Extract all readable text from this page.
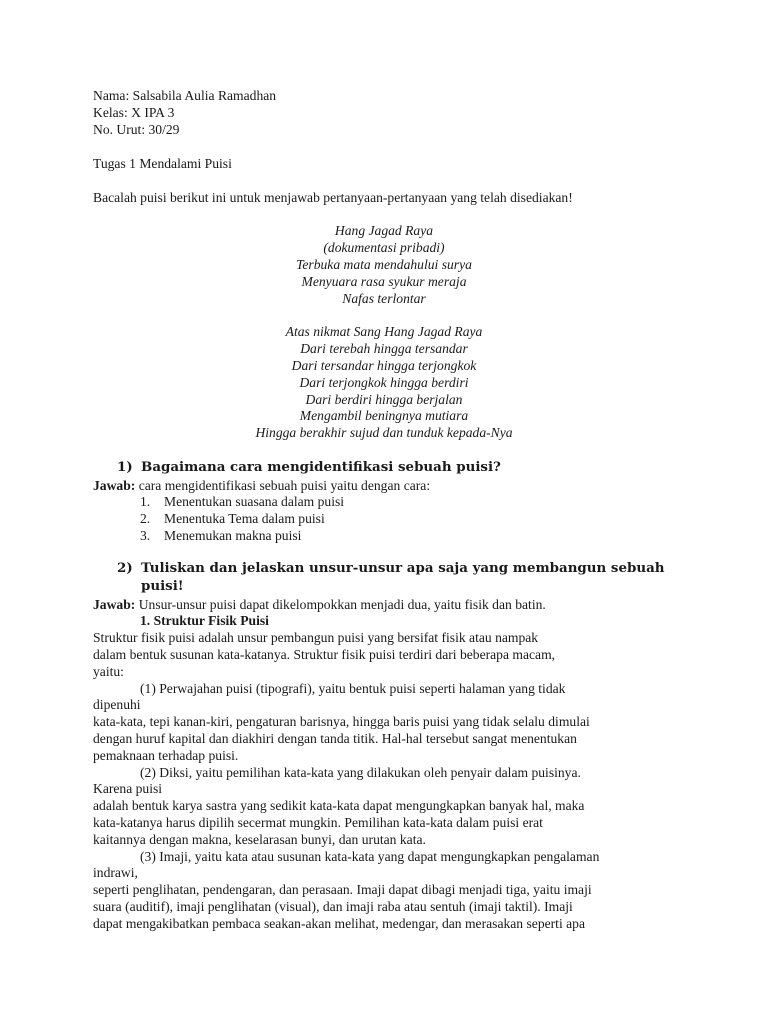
Nama: Salsabila Aulia Ramadhan
Kelas: X IPA 3
No. Urut: 30/29
Tugas 1 Mendalami Puisi
Bacalah puisi berikut ini untuk menjawab pertanyaan-pertanyaan yang telah disediakan!
Hang Jagad Raya
(dokumentasi pribadi)
Terbuka mata mendahului surya
Menyuara rasa syukur meraja
Nafas terlontar
Atas nikmat Sang Hang Jagad Raya
Dari terebah hingga tersandar
Dari tersandar hingga terjongkok
Dari terjongkok hingga berdiri
Dari berdiri hingga berjalan
Mengambil beningnya mutiara
Hingga berakhir sujud dan tunduk kepada-Nya
1) Bagaimana cara mengidentifikasi sebuah puisi?
Jawab: cara mengidentifikasi sebuah puisi yaitu dengan cara:
1. Menentukan suasana dalam puisi
2. Menentuka Tema dalam puisi
3. Menemukan makna puisi
2) Tuliskan dan jelaskan unsur-unsur apa saja yang membangun sebuah
puisi!
Jawab: Unsur-unsur puisi dapat dikelompokkan menjadi dua, yaitu fisik dan batin.
1. Struktur Fisik Puisi
Struktur fisik puisi adalah unsur pembangun puisi yang bersifat fisik atau nampak
dalam bentuk susunan kata-katanya. Struktur fisik puisi terdiri dari beberapa macam,
yaitu:
(1) Perwajahan puisi (tipografi), yaitu bentuk puisi seperti halaman yang tidak
dipenuhi
kata-kata, tepi kanan-kiri, pengaturan barisnya, hingga baris puisi yang tidak selalu dimulai
dengan huruf kapital dan diakhiri dengan tanda titik. Hal-hal tersebut sangat menentukan
pemaknaan terhadap puisi.
(2) Diksi, yaitu pemilihan kata-kata yang dilakukan oleh penyair dalam puisinya.
Karena puisi
adalah bentuk karya sastra yang sedikit kata-kata dapat mengungkapkan banyak hal, maka
kata-katanya harus dipilih secermat mungkin. Pemilihan kata-kata dalam puisi erat
kaitannya dengan makna, keselarasan bunyi, dan urutan kata.
(3) Imaji, yaitu kata atau susunan kata-kata yang dapat mengungkapkan pengalaman
indrawi,
seperti penglihatan, pendengaran, dan perasaan. Imaji dapat dibagi menjadi tiga, yaitu imaji
suara (auditif), imaji penglihatan (visual), dan imaji raba atau sentuh (imaji taktil). Imaji
dapat mengakibatkan pembaca seakan-akan melihat, medengar, dan merasakan seperti apa
